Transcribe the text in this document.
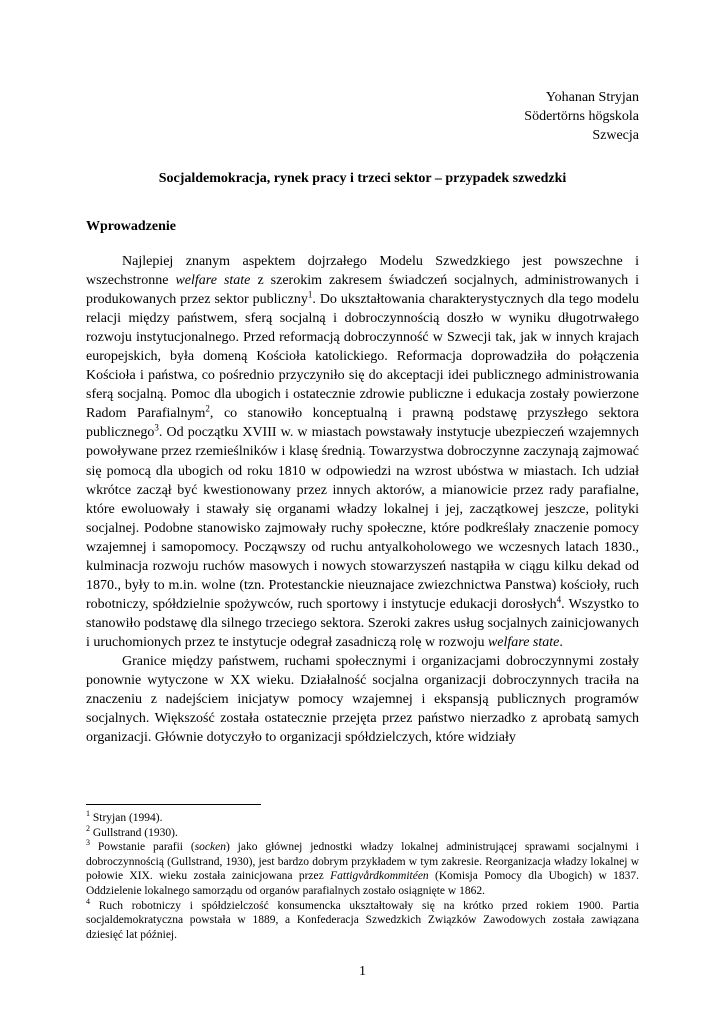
Yohanan Stryjan
Södertörns högskola
Szwecja
Socjaldemokracja, rynek pracy i trzeci sektor – przypadek szwedzki
Wprowadzenie

Najlepiej znanym aspektem dojrzałego Modelu Szwedzkiego jest powszechne i wszechstronne welfare state z szerokim zakresem świadczeń socjalnych, administrowanych i produkowanych przez sektor publiczny$^1$. Do ukształtowania charakterystycznych dla tego modelu relacji między państwem, sferą socjalną i dobroczynnością doszło w wyniku długotrwałego rozwoju instytucjonalnego. Przed reformacją dobroczynność w Szwecji tak, jak w innych krajach europejskich, była domeną Kościoła katolickiego. Reformacja doprowadziła do połączenia Kościoła i państwa, co pośrednio przyczyniło się do akceptacji idei publicznego administrowania sferą socjalną. Pomoc dla ubogich i ostatecznie zdrowie publiczne i edukacja zostały powierzone Radom Parafialnym$^2$, co stanowiło konceptualną i prawną podstawę przyszłego sektora publicznego$^3$. Od początku XVIII w. w miastach powstawały instytucje ubezpieczeń wzajemnych powoływane przez rzemieślników i klasę średnią. Towarzystwa dobroczynne zaczynają zajmować się pomocą dla ubogich od roku 1810 w odpowiedzi na wzrost ubóstwa w miastach. Ich udział wkrótce zaczął być kwestionowany przez innych aktorów, a mianowicie przez rady parafialne, które ewoluowały i stawały się organami władzy lokalnej i jej, zaczątkowej jeszcze, polityki socjalnej. Podobne stanowisko zajmowały ruchy społeczne, które podkreślały znaczenie pomocy wzajemnej i samopomocy. Począwszy od ruchu antyalkoholowego we wczesnych latach 1830., kulminacja rozwoju ruchów masowych i nowych stowarzyszeń nastąpiła w ciągu kilku dekad od 1870., były to m.in. wolne (tzn. Protestanckie nieuznajace zwiezchnictwa Panstwa) kościoły, ruch robotniczy, spółdzielnie spożywców, ruch sportowy i instytucje edukacji dorosłych$^4$. Wszystko to stanowiło podstawę dla silnego trzeciego sektora. Szeroki zakres usług socjalnych zainicjowanych i uruchomionych przez te instytucje odegrał zasadniczą rolę w rozwoju welfare state.

Granice między państwem, ruchami społecznymi i organizacjami dobroczynnymi zostały ponownie wytyczone w XX wieku. Działalność socjalna organizacji dobroczynnych traciła na znaczeniu z nadejściem inicjatyw pomocy wzajemnej i ekspansją publicznych programów socjalnych. Większość została ostatecznie przejęta przez państwo nierzadko z aprobatą samych organizacji. Głównie dotyczyło to organizacji spółdzielczych, które widziały

$^1$ Stryjan (1994).
$^2$ Gullstrand (1930).
$^3$ Powstanie parafii (socken) jako głównej jednostki władzy lokalnej administrującej sprawami socjalnymi i dobroczynnością (Gullstrand, 1930), jest bardzo dobrym przykładem w tym zakresie. Reorganizacja władzy lokalnej w połowie XIX. wieku została zainicjowana przez Fattigvårdkommitéen (Komisja Pomocy dla Ubogich) w 1837. Oddzielenie lokalnego samorządu od organów parafialnych zostało osiągnięte w 1862.
$^4$ Ruch robotniczy i spółdzielczość konsumencka ukształtowały się na krótko przed rokiem 1900. Partia socjaldemokratyczna powstała w 1889, a Konfederacja Szwedzkich Związków Zawodowych została zawiązana dziesięć lat później.
1
